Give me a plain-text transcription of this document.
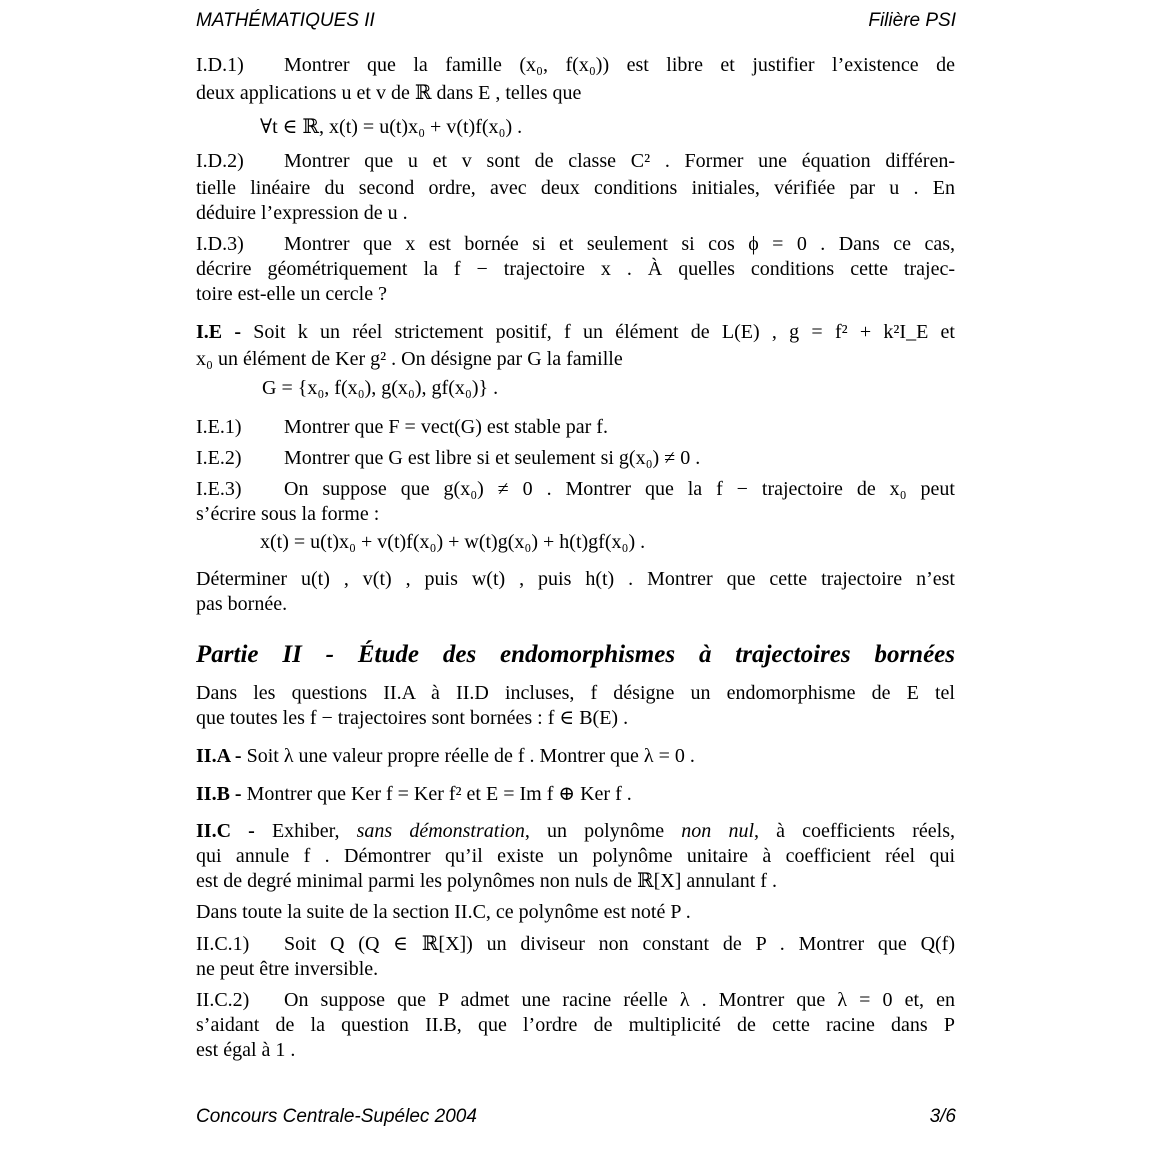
MATHÉMATIQUES II	Filière PSI
I.D.1) Montrer que la famille (x₀, f(x₀)) est libre et justifier l’existence de
deux applications u et v de ℝ dans E , telles que
∀t ∈ ℝ, x(t) = u(t)x₀ + v(t)f(x₀) .
I.D.2) Montrer que u et v sont de classe C² . Former une équation différen-
tielle linéaire du second ordre, avec deux conditions initiales, vérifiée par u . En
déduire l’expression de u .
I.D.3) Montrer que x est bornée si et seulement si cos ϕ = 0 . Dans ce cas,
décrire géométriquement la f − trajectoire x . À quelles conditions cette trajec-
toire est-elle un cercle ?
I.E - Soit k un réel strictement positif, f un élément de L(E) , g = f² + k²I_E et
x₀ un élément de Ker g² . On désigne par G la famille
G = {x₀, f(x₀), g(x₀), gf(x₀)} .
I.E.1) Montrer que F = vect(G) est stable par f.
I.E.2) Montrer que G est libre si et seulement si g(x₀) ≠ 0 .
I.E.3) On suppose que g(x₀) ≠ 0 . Montrer que la f − trajectoire de x₀ peut
s’écrire sous la forme :
x(t) = u(t)x₀ + v(t)f(x₀) + w(t)g(x₀) + h(t)gf(x₀) .
Déterminer u(t) , v(t) , puis w(t) , puis h(t) . Montrer que cette trajectoire n’est
pas bornée.
Dans les questions II.A à II.D incluses, f désigne un endomorphisme de E tel
que toutes les f − trajectoires sont bornées : f ∈ B(E) .
II.A - Soit λ une valeur propre réelle de f . Montrer que λ = 0 .
II.B - Montrer que Ker f = Ker f² et E = Im f ⊕ Ker f .
II.C - Exhiber, sans démonstration, un polynôme non nul, à coefficients réels,
qui annule f . Démontrer qu’il existe un polynôme unitaire à coefficient réel qui
est de degré minimal parmi les polynômes non nuls de ℝ[X] annulant f .
Dans toute la suite de la section II.C, ce polynôme est noté P .
II.C.1) Soit Q (Q ∈ ℝ[X]) un diviseur non constant de P . Montrer que Q(f)
ne peut être inversible.
II.C.2) On suppose que P admet une racine réelle λ . Montrer que λ = 0 et, en
s’aidant de la question II.B, que l’ordre de multiplicité de cette racine dans P
est égal à 1 .
Partie II - Étude des endomorphismes à trajectoires bornées
Concours Centrale-Supélec 2004	3/6
